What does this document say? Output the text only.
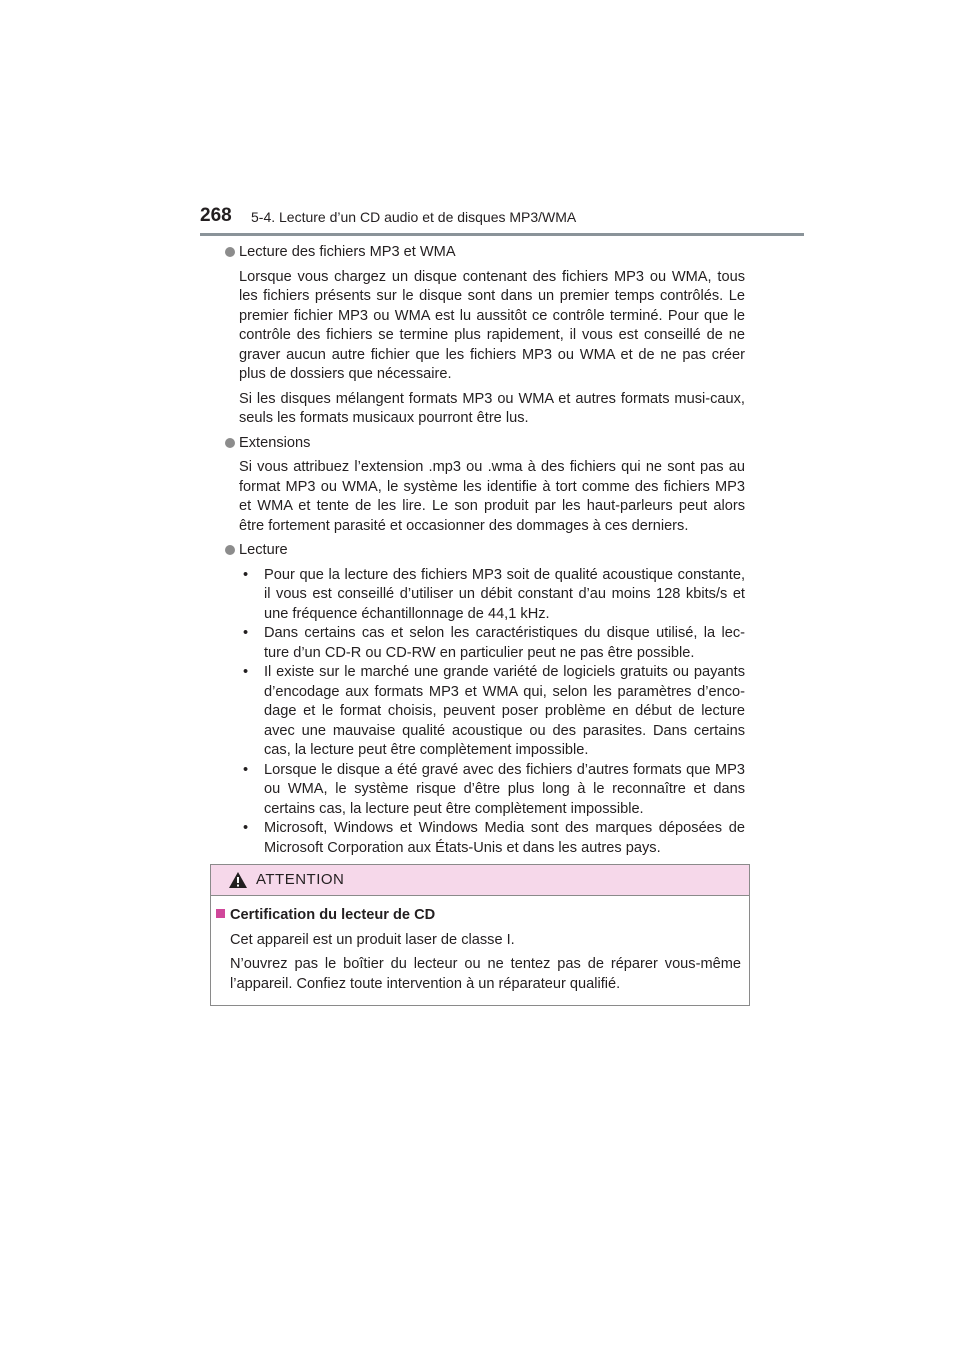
268 5-4. Lecture d’un CD audio et de disques MP3/WMA
Lecture des fichiers MP3 et WMA
Lorsque vous chargez un disque contenant des fichiers MP3 ou WMA, tous les fichiers présents sur le disque sont dans un premier temps contrôlés. Le premier fichier MP3 ou WMA est lu aussitôt ce contrôle terminé. Pour que le contrôle des fichiers se termine plus rapidement, il vous est conseillé de ne graver aucun autre fichier que les fichiers MP3 ou WMA et de ne pas créer plus de dossiers que nécessaire.
Si les disques mélangent formats MP3 ou WMA et autres formats musi-caux, seuls les formats musicaux pourront être lus.
Extensions
Si vous attribuez l’extension .mp3 ou .wma à des fichiers qui ne sont pas au format MP3 ou WMA, le système les identifie à tort comme des fichiers MP3 et WMA et tente de les lire. Le son produit par les haut-parleurs peut alors être fortement parasité et occasionner des dommages à ces derniers.
Lecture
• Pour que la lecture des fichiers MP3 soit de qualité acoustique constante, il vous est conseillé d’utiliser un débit constant d’au moins 128 kbits/s et une fréquence échantillonnage de 44,1 kHz.
• Dans certains cas et selon les caractéristiques du disque utilisé, la lec-ture d’un CD-R ou CD-RW en particulier peut ne pas être possible.
• Il existe sur le marché une grande variété de logiciels gratuits ou payants d’encodage aux formats MP3 et WMA qui, selon les paramètres d’enco-dage et le format choisis, peuvent poser problème en début de lecture avec une mauvaise qualité acoustique ou des parasites. Dans certains cas, la lecture peut être complètement impossible.
• Lorsque le disque a été gravé avec des fichiers d’autres formats que MP3 ou WMA, le système risque d’être plus long à le reconnaître et dans certains cas, la lecture peut être complètement impossible.
• Microsoft, Windows et Windows Media sont des marques déposées de Microsoft Corporation aux États-Unis et dans les autres pays.
ATTENTION
Certification du lecteur de CD
Cet appareil est un produit laser de classe I.
N’ouvrez pas le boîtier du lecteur ou ne tentez pas de réparer vous-même l’appareil. Confiez toute intervention à un réparateur qualifié.
